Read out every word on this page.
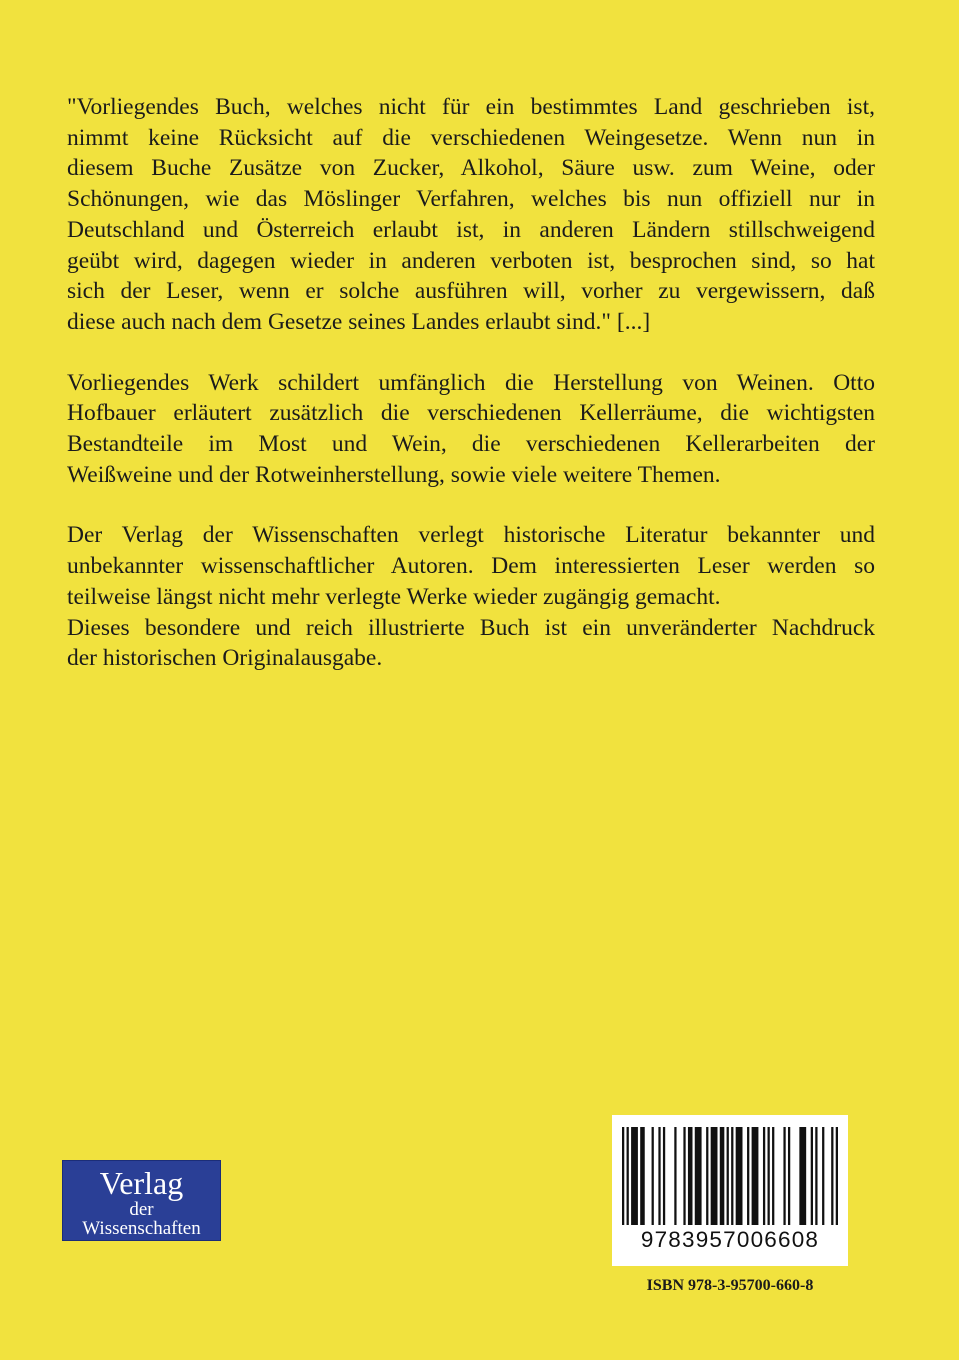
"Vorliegendes Buch, welches nicht für ein bestimmtes Land geschrieben ist,
nimmt keine Rücksicht auf die verschiedenen Weingesetze. Wenn nun in
diesem Buche Zusätze von Zucker, Alkohol, Säure usw. zum Weine, oder
Schönungen, wie das Möslinger Verfahren, welches bis nun offiziell nur in
Deutschland und Österreich erlaubt ist, in anderen Ländern stillschweigend
geübt wird, dagegen wieder in anderen verboten ist, besprochen sind, so hat
sich der Leser, wenn er solche ausführen will, vorher zu vergewissern, daß
diese auch nach dem Gesetze seines Landes erlaubt sind." [...]

Vorliegendes Werk schildert umfänglich die Herstellung von Weinen. Otto
Hofbauer erläutert zusätzlich die verschiedenen Kellerräume, die wichtigsten
Bestandteile im Most und Wein, die verschiedenen Kellerarbeiten der
Weißweine und der Rotweinherstellung, sowie viele weitere Themen.

Der Verlag der Wissenschaften verlegt historische Literatur bekannter und
unbekannter wissenschaftlicher Autoren. Dem interessierten Leser werden so
teilweise längst nicht mehr verlegte Werke wieder zugängig gemacht.

Dieses besondere und reich illustrierte Buch ist ein unveränderter Nachdruck
der historischen Originalausgabe.

Verlag
der
Wissenschaften	9783957006608
ISBN 978-3-95700-660-8
